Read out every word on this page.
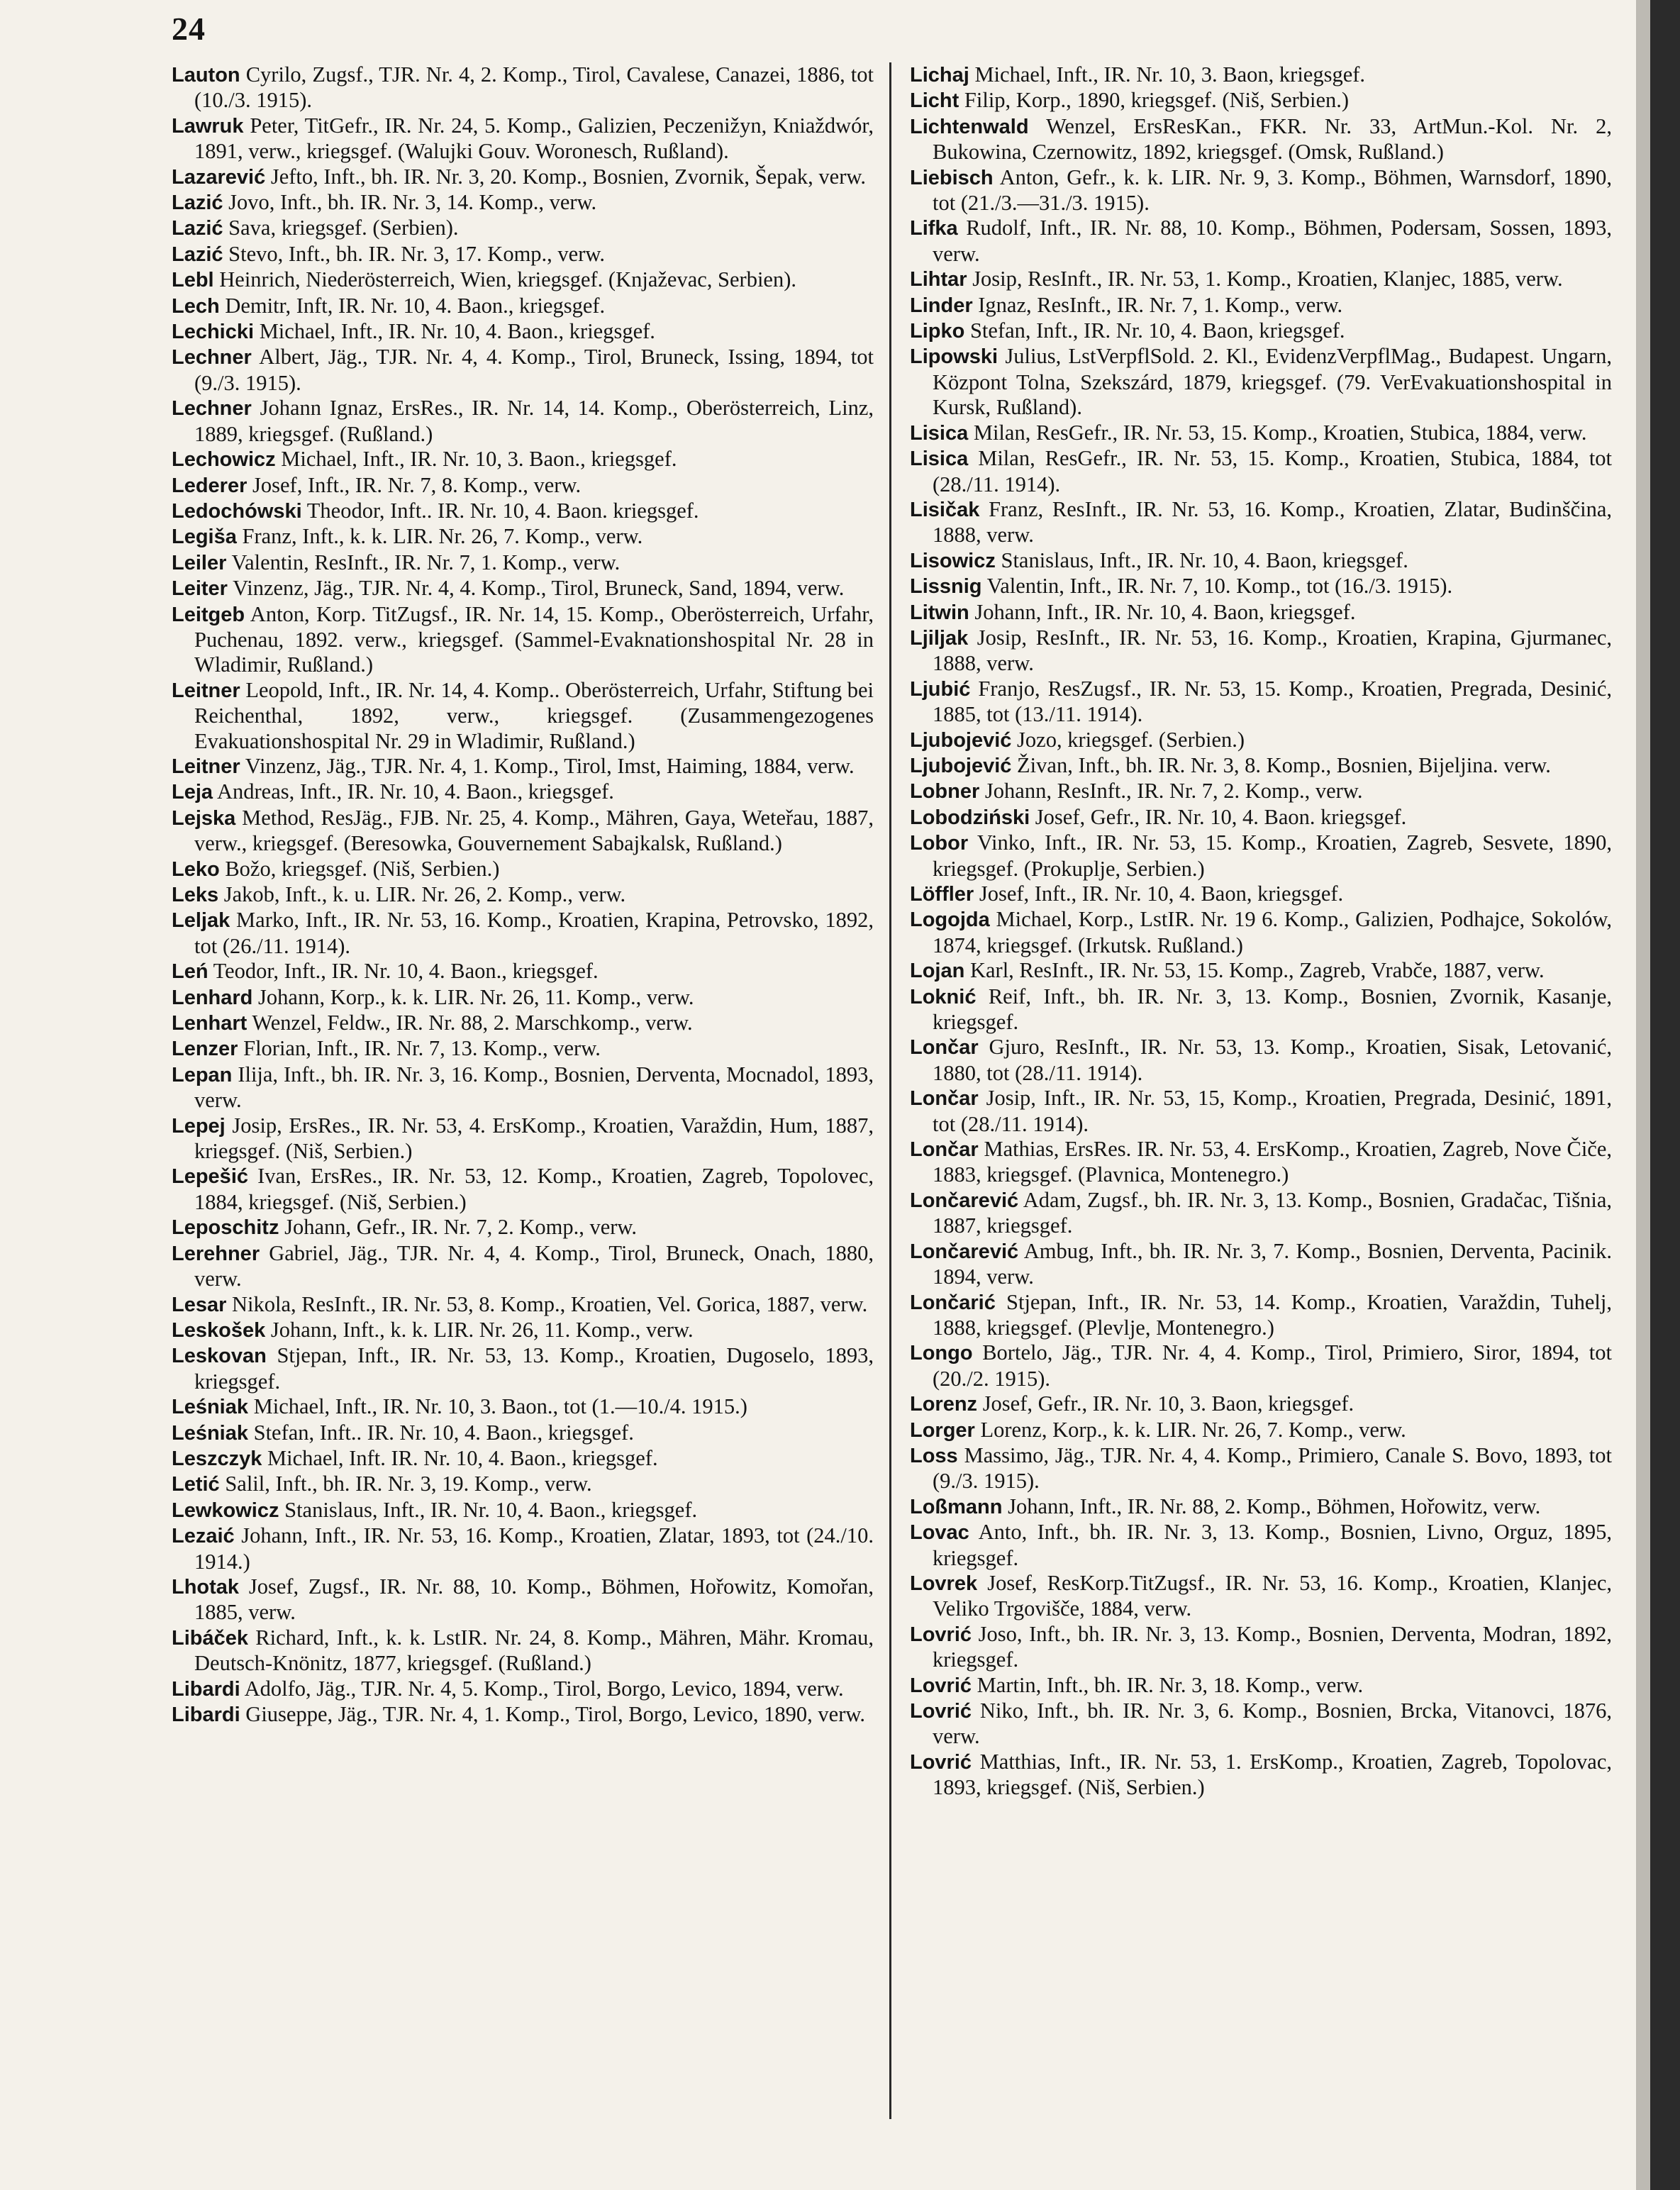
24

Lauton Cyrilo, Zugsf., TJR. Nr. 4, 2. Komp., Tirol, Cavalese, Canazei, 1886, tot (10./3. 1915).

Lawruk Peter, TitGefr., IR. Nr. 24, 5. Komp., Galizien, Peczenižyn, Kniaždwór, 1891, verw., kriegsgef. (Walujki Gouv. Woronesch, Rußland).

Lazarević Jefto, Inft., bh. IR. Nr. 3, 20. Komp., Bosnien, Zvornik, Šepak, verw.

Lazić Jovo, Inft., bh. IR. Nr. 3, 14. Komp., verw.

Lazić Sava, kriegsgef. (Serbien).

Lazić Stevo, Inft., bh. IR. Nr. 3, 17. Komp., verw.

Lebl Heinrich, Niederösterreich, Wien, kriegsgef. (Knjaževac, Serbien).

Lech Demitr, Inft, IR. Nr. 10, 4. Baon., kriegsgef.

Lechicki Michael, Inft., IR. Nr. 10, 4. Baon., kriegsgef.

Lechner Albert, Jäg., TJR. Nr. 4, 4. Komp., Tirol, Bruneck, Issing, 1894, tot (9./3. 1915).

Lechner Johann Ignaz, ErsRes., IR. Nr. 14, 14. Komp., Oberösterreich, Linz, 1889, kriegsgef. (Rußland.)

Lechowicz Michael, Inft., IR. Nr. 10, 3. Baon., kriegsgef.

Lederer Josef, Inft., IR. Nr. 7, 8. Komp., verw.

Ledochówski Theodor, Inft.. IR. Nr. 10, 4. Baon. kriegsgef.

Legiša Franz, Inft., k. k. LIR. Nr. 26, 7. Komp., verw.

Leiler Valentin, ResInft., IR. Nr. 7, 1. Komp., verw.

Leiter Vinzenz, Jäg., TJR. Nr. 4, 4. Komp., Tirol, Bruneck, Sand, 1894, verw.

Leitgeb Anton, Korp. TitZugsf., IR. Nr. 14, 15. Komp., Oberösterreich, Urfahr, Puchenau, 1892. verw., kriegsgef. (Sammel-Evaknationshospital Nr. 28 in Wladimir, Rußland.)

Leitner Leopold, Inft., IR. Nr. 14, 4. Komp.. Oberösterreich, Urfahr, Stiftung bei Reichenthal, 1892, verw., kriegsgef. (Zusammengezogenes Evakuationshospital Nr. 29 in Wladimir, Rußland.)

Leitner Vinzenz, Jäg., TJR. Nr. 4, 1. Komp., Tirol, Imst, Haiming, 1884, verw.

Leja Andreas, Inft., IR. Nr. 10, 4. Baon., kriegsgef.

Lejska Method, ResJäg., FJB. Nr. 25, 4. Komp., Mähren, Gaya, Weteřau, 1887, verw., kriegsgef. (Beresowka, Gouvernement Sabajkalsk, Rußland.)

Leko Božo, kriegsgef. (Niš, Serbien.)

Leks Jakob, Inft., k. u. LIR. Nr. 26, 2. Komp., verw.

Leljak Marko, Inft., IR. Nr. 53, 16. Komp., Kroatien, Krapina, Petrovsko, 1892, tot (26./11. 1914).

Leń Teodor, Inft., IR. Nr. 10, 4. Baon., kriegsgef.

Lenhard Johann, Korp., k. k. LIR. Nr. 26, 11. Komp., verw.

Lenhart Wenzel, Feldw., IR. Nr. 88, 2. Marschkomp., verw.

Lenzer Florian, Inft., IR. Nr. 7, 13. Komp., verw.

Lepan Ilija, Inft., bh. IR. Nr. 3, 16. Komp., Bosnien, Derventa, Mocnadol, 1893, verw.

Lepej Josip, ErsRes., IR. Nr. 53, 4. ErsKomp., Kroatien, Varaždin, Hum, 1887, kriegsgef. (Niš, Serbien.)

Lepešić Ivan, ErsRes., IR. Nr. 53, 12. Komp., Kroatien, Zagreb, Topolovec, 1884, kriegsgef. (Niš, Serbien.)

Leposchitz Johann, Gefr., IR. Nr. 7, 2. Komp., verw.

Lerehner Gabriel, Jäg., TJR. Nr. 4, 4. Komp., Tirol, Bruneck, Onach, 1880, verw.

Lesar Nikola, ResInft., IR. Nr. 53, 8. Komp., Kroatien, Vel. Gorica, 1887, verw.

Leskošek Johann, Inft., k. k. LIR. Nr. 26, 11. Komp., verw.

Leskovan Stjepan, Inft., IR. Nr. 53, 13. Komp., Kroatien, Dugoselo, 1893, kriegsgef.

Leśniak Michael, Inft., IR. Nr. 10, 3. Baon., tot (1.—10./4. 1915.)

Leśniak Stefan, Inft.. IR. Nr. 10, 4. Baon., kriegsgef.

Leszczyk Michael, Inft. IR. Nr. 10, 4. Baon., kriegsgef.

Letić Salil, Inft., bh. IR. Nr. 3, 19. Komp., verw.

Lewkowicz Stanislaus, Inft., IR. Nr. 10, 4. Baon., kriegsgef.

Lezaić Johann, Inft., IR. Nr. 53, 16. Komp., Kroatien, Zlatar, 1893, tot (24./10. 1914.)

Lhotak Josef, Zugsf., IR. Nr. 88, 10. Komp., Böhmen, Hořowitz, Komořan, 1885, verw.

Libáček Richard, Inft., k. k. LstIR. Nr. 24, 8. Komp., Mähren, Mähr. Kromau, Deutsch-Knönitz, 1877, kriegsgef. (Rußland.)

Libardi Adolfo, Jäg., TJR. Nr. 4, 5. Komp., Tirol, Borgo, Levico, 1894, verw.

Libardi Giuseppe, Jäg., TJR. Nr. 4, 1. Komp., Tirol, Borgo, Levico, 1890, verw.

Lichaj Michael, Inft., IR. Nr. 10, 3. Baon, kriegsgef.

Licht Filip, Korp., 1890, kriegsgef. (Niš, Serbien.)

Lichtenwald Wenzel, ErsResKan., FKR. Nr. 33, ArtMun.-Kol. Nr. 2, Bukowina, Czernowitz, 1892, kriegsgef. (Omsk, Rußland.)

Liebisch Anton, Gefr., k. k. LIR. Nr. 9, 3. Komp., Böhmen, Warnsdorf, 1890, tot (21./3.—31./3. 1915).

Lifka Rudolf, Inft., IR. Nr. 88, 10. Komp., Böhmen, Podersam, Sossen, 1893, verw.

Lihtar Josip, ResInft., IR. Nr. 53, 1. Komp., Kroatien, Klanjec, 1885, verw.

Linder Ignaz, ResInft., IR. Nr. 7, 1. Komp., verw.

Lipko Stefan, Inft., IR. Nr. 10, 4. Baon, kriegsgef.

Lipowski Julius, LstVerpflSold. 2. Kl., EvidenzVerpflMag., Budapest. Ungarn, Központ Tolna, Szekszárd, 1879, kriegsgef. (79. VerEvakuationshospital in Kursk, Rußland).

Lisica Milan, ResGefr., IR. Nr. 53, 15. Komp., Kroatien, Stubica, 1884, verw.

Lisica Milan, ResGefr., IR. Nr. 53, 15. Komp., Kroatien, Stubica, 1884, tot (28./11. 1914).

Lisičak Franz, ResInft., IR. Nr. 53, 16. Komp., Kroatien, Zlatar, Budinščina, 1888, verw.

Lisowicz Stanislaus, Inft., IR. Nr. 10, 4. Baon, kriegsgef.

Lissnig Valentin, Inft., IR. Nr. 7, 10. Komp., tot (16./3. 1915).

Litwin Johann, Inft., IR. Nr. 10, 4. Baon, kriegsgef.

Ljiljak Josip, ResInft., IR. Nr. 53, 16. Komp., Kroatien, Krapina, Gjurmanec, 1888, verw.

Ljubić Franjo, ResZugsf., IR. Nr. 53, 15. Komp., Kroatien, Pregrada, Desinić, 1885, tot (13./11. 1914).

Ljubojević Jozo, kriegsgef. (Serbien.)

Ljubojević Živan, Inft., bh. IR. Nr. 3, 8. Komp., Bosnien, Bijeljina. verw.

Lobner Johann, ResInft., IR. Nr. 7, 2. Komp., verw.

Lobodziński Josef, Gefr., IR. Nr. 10, 4. Baon. kriegsgef.

Lobor Vinko, Inft., IR. Nr. 53, 15. Komp., Kroatien, Zagreb, Sesvete, 1890, kriegsgef. (Prokuplje, Serbien.)

Löffler Josef, Inft., IR. Nr. 10, 4. Baon, kriegsgef.

Logojda Michael, Korp., LstIR. Nr. 19 6. Komp., Galizien, Podhajce, Sokolów, 1874, kriegsgef. (Irkutsk. Rußland.)

Lojan Karl, ResInft., IR. Nr. 53, 15. Komp., Zagreb, Vrabče, 1887, verw.

Loknić Reif, Inft., bh. IR. Nr. 3, 13. Komp., Bosnien, Zvornik, Kasanje, kriegsgef.

Lončar Gjuro, ResInft., IR. Nr. 53, 13. Komp., Kroatien, Sisak, Letovanić, 1880, tot (28./11. 1914).

Lončar Josip, Inft., IR. Nr. 53, 15, Komp., Kroatien, Pregrada, Desinić, 1891, tot (28./11. 1914).

Lončar Mathias, ErsRes. IR. Nr. 53, 4. ErsKomp., Kroatien, Zagreb, Nove Čiče, 1883, kriegsgef. (Plavnica, Montenegro.)

Lončarević Adam, Zugsf., bh. IR. Nr. 3, 13. Komp., Bosnien, Gradačac, Tišnia, 1887, kriegsgef.

Lončarević Ambug, Inft., bh. IR. Nr. 3, 7. Komp., Bosnien, Derventa, Pacinik. 1894, verw.

Lončarić Stjepan, Inft., IR. Nr. 53, 14. Komp., Kroatien, Varaždin, Tuhelj, 1888, kriegsgef. (Plevlje, Montenegro.)

Longo Bortelo, Jäg., TJR. Nr. 4, 4. Komp., Tirol, Primiero, Siror, 1894, tot (20./2. 1915).

Lorenz Josef, Gefr., IR. Nr. 10, 3. Baon, kriegsgef.

Lorger Lorenz, Korp., k. k. LIR. Nr. 26, 7. Komp., verw.

Loss Massimo, Jäg., TJR. Nr. 4, 4. Komp., Primiero, Canale S. Bovo, 1893, tot (9./3. 1915).

Loßmann Johann, Inft., IR. Nr. 88, 2. Komp., Böhmen, Hořowitz, verw.

Lovac Anto, Inft., bh. IR. Nr. 3, 13. Komp., Bosnien, Livno, Orguz, 1895, kriegsgef.

Lovrek Josef, ResKorp.TitZugsf., IR. Nr. 53, 16. Komp., Kroatien, Klanjec, Veliko Trgovišče, 1884, verw.

Lovrić Joso, Inft., bh. IR. Nr. 3, 13. Komp., Bosnien, Derventa, Modran, 1892, kriegsgef.

Lovrić Martin, Inft., bh. IR. Nr. 3, 18. Komp., verw.

Lovrić Niko, Inft., bh. IR. Nr. 3, 6. Komp., Bosnien, Brcka, Vitanovci, 1876, verw.

Lovrić Matthias, Inft., IR. Nr. 53, 1. ErsKomp., Kroatien, Zagreb, Topolovac, 1893, kriegsgef. (Niš, Serbien.)
